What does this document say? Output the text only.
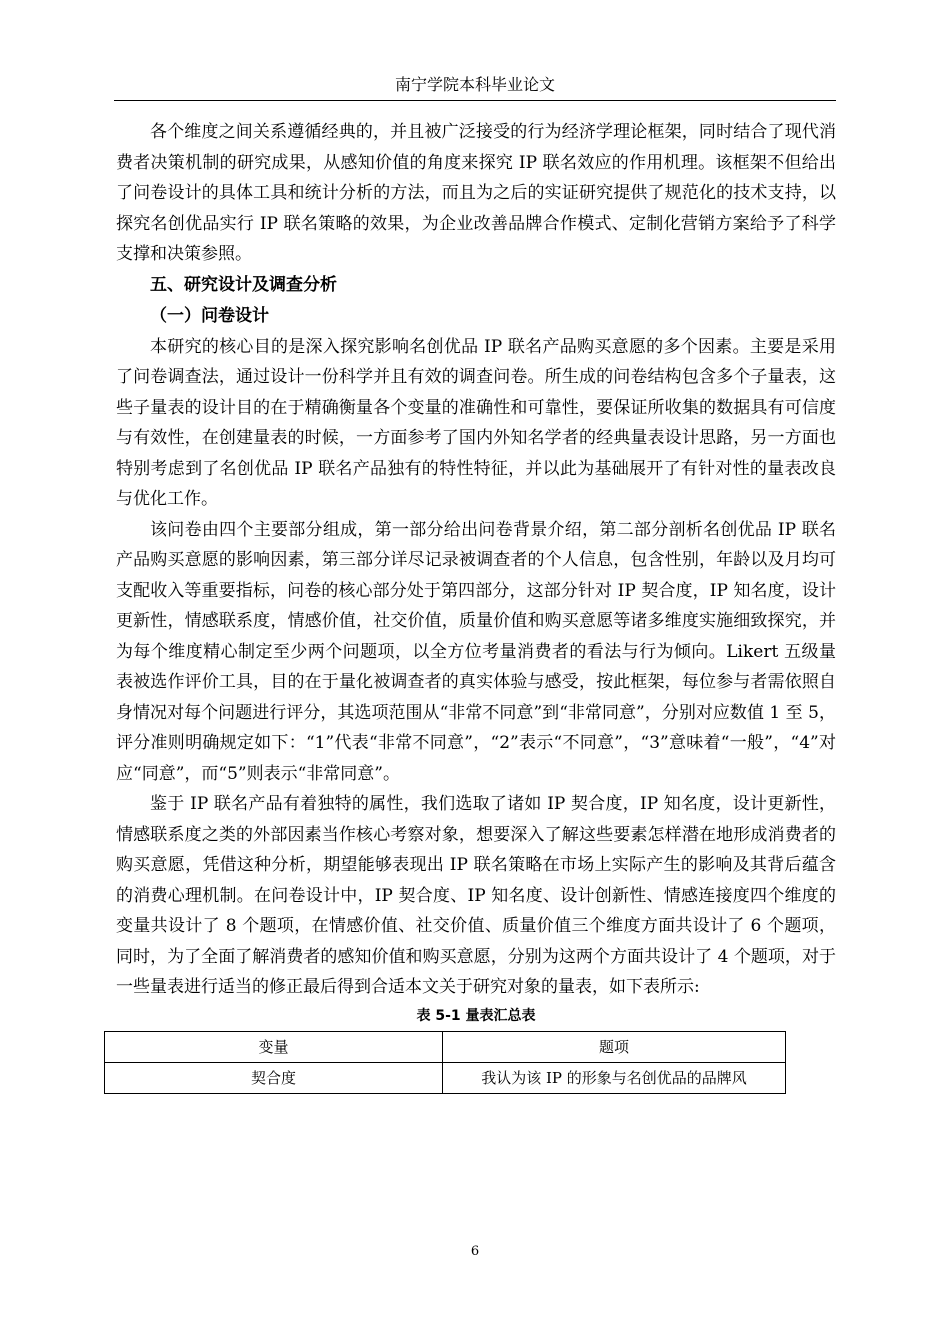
南宁学院本科毕业论文

各个维度之间关系遵循经典的，并且被广泛接受的行为经济学理论框架，同时结合了现代消费者决策机制的研究成果，从感知价值的角度来探究 IP 联名效应的作用机理。该框架不但给出了问卷设计的具体工具和统计分析的方法，而且为之后的实证研究提供了规范化的技术支持，以探究名创优品实行 IP 联名策略的效果，为企业改善品牌合作模式、定制化营销方案给予了科学支撑和决策参照。

五、研究设计及调查分析

（一）问卷设计

本研究的核心目的是深入探究影响名创优品 IP 联名产品购买意愿的多个因素。主要是采用了问卷调查法，通过设计一份科学并且有效的调查问卷。所生成的问卷结构包含多个子量表，这些子量表的设计目的在于精确衡量各个变量的准确性和可靠性，要保证所收集的数据具有可信度与有效性，在创建量表的时候，一方面参考了国内外知名学者的经典量表设计思路，另一方面也特别考虑到了名创优品 IP 联名产品独有的特性特征，并以此为基础展开了有针对性的量表改良与优化工作。

该问卷由四个主要部分组成，第一部分给出问卷背景介绍，第二部分剖析名创优品 IP 联名产品购买意愿的影响因素，第三部分详尽记录被调查者的个人信息，包含性别，年龄以及月均可支配收入等重要指标，问卷的核心部分处于第四部分，这部分针对 IP 契合度，IP 知名度，设计更新性，情感联系度，情感价值，社交价值，质量价值和购买意愿等诸多维度实施细致探究，并为每个维度精心制定至少两个问题项，以全方位考量消费者的看法与行为倾向。Likert 五级量表被选作评价工具，目的在于量化被调查者的真实体验与感受，按此框架，每位参与者需依照自身情况对每个问题进行评分，其选项范围从“非常不同意”到“非常同意”，分别对应数值 1 至 5，评分准则明确规定如下：“1”代表“非常不同意”，“2”表示“不同意”，“3”意味着“一般”，“4”对应“同意”，而“5”则表示“非常同意”。

鉴于 IP 联名产品有着独特的属性，我们选取了诸如 IP 契合度，IP 知名度，设计更新性，情感联系度之类的外部因素当作核心考察对象，想要深入了解这些要素怎样潜在地形成消费者的购买意愿，凭借这种分析，期望能够表现出 IP 联名策略在市场上实际产生的影响及其背后蕴含的消费心理机制。在问卷设计中，IP 契合度、IP 知名度、设计创新性、情感连接度四个维度的变量共设计了 8 个题项，在情感价值、社交价值、质量价值三个维度方面共设计了 6 个题项，同时，为了全面了解消费者的感知价值和购买意愿，分别为这两个方面共设计了 4 个题项，对于一些量表进行适当的修正最后得到合适本文关于研究对象的量表，如下表所示:

表 5-1 量表汇总表
变量	题项
契合度	我认为该 IP 的形象与名创优品的品牌风
6
